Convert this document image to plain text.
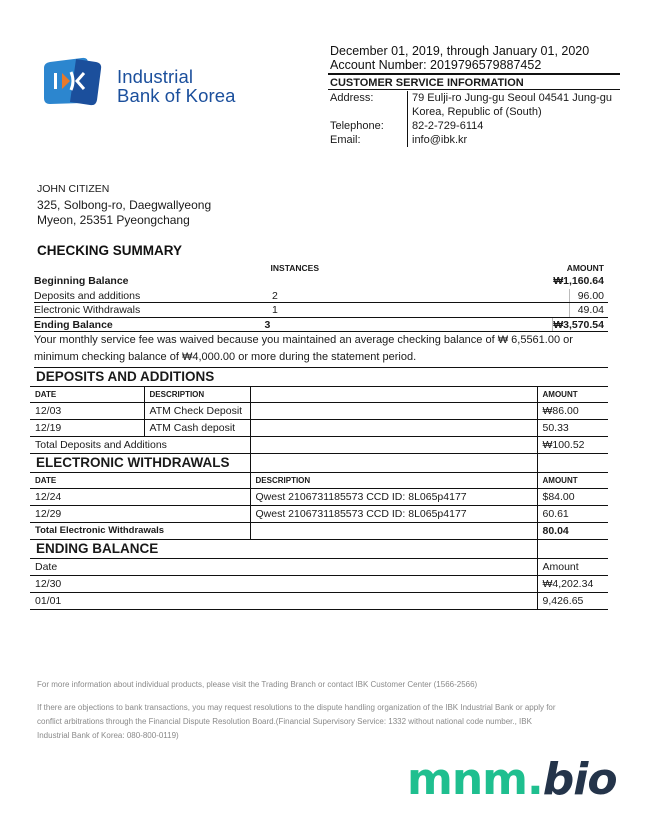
Industrial
Bank of Korea
December 01, 2019, through January 01, 2020
Account Number: 2019796579887452
CUSTOMER SERVICE INFORMATION
Address:	79 Eulji-ro Jung-gu Seoul 04541 Jung-gu
Korea, Republic of (South)
Telephone:	82-2-729-6114
Email:	info@ibk.kr
JOHN CITIZEN
325, Solbong-ro, Daegwallyeong
Myeon, 25351 Pyeongchang
CHECKING SUMMARY
INSTANCES	AMOUNT
Beginning Balance	₩1,160.64
Deposits and additions	2	96.00
Electronic Withdrawals	1	49.04
Ending Balance	3	₩3,570.54
Your monthly service fee was waived because you maintained an average checking balance of ₩ 6,5561.00 or
minimum checking balance of ₩4,000.00 or more during the statement period.
DEPOSITS AND ADDITIONS			
DATE	DESCRIPTION		AMOUNT
12/03	ATM Check Deposit		₩86.00
12/19	ATM Cash deposit		50.33
Total Deposits and Additions			₩100.52
ELECTRONIC WITHDRAWALS			
DATE		DESCRIPTION	AMOUNT
12/24		Qwest 2106731185573 CCD ID: 8L065p4177	$84.00
12/29		Qwest 2106731185573 CCD ID: 8L065p4177	60.61
Total Electronic Withdrawals			80.04
ENDING BALANCE			
Date			Amount
12/30			₩4,202.34
01/01			9,426.65
For more information about individual products, please visit the Trading Branch or contact IBK Customer Center (1566-2566)
If there are objections to bank transactions, you may request resolutions to the dispute handling organization of the IBK Industrial Bank or apply for
conflict arbitrations through the Financial Dispute Resolution Board.(Financial Supervisory Service: 1332 without national code number., IBK
Industrial Bank of Korea: 080-800-0119)
mnm.bio
